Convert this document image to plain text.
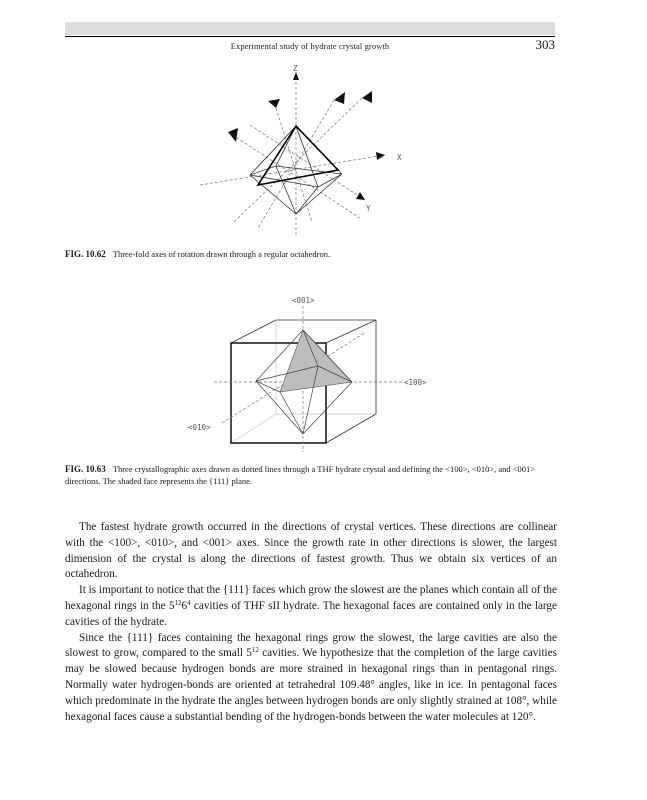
Experimental study of hydrate crystal growth	303
Z
X
Y
FIG. 10.62 Three-fold axes of rotation drawn through a regular octahedron.
<001>
<100>
<010>
FIG. 10.63 Three crystallographic axes drawn as dotted lines through a THF hydrate crystal and defining the <100>, <010>, and <001> directions. The shaded face represents the {111} plane.

The fastest hydrate growth occurred in the directions of crystal vertices. These directions are collinear with the <100>, <010>, and <001> axes. Since the growth rate in other directions is slower, the largest dimension of the crystal is along the directions of fastest growth. Thus we obtain six vertices of an octahedron.

It is important to notice that the {111} faces which grow the slowest are the planes which contain all of the hexagonal rings in the $5^{12}6^4$ cavities of THF sII hydrate. The hexagonal faces are contained only in the large cavities of the hydrate.

Since the {111} faces containing the hexagonal rings grow the slowest, the large cavities are also the slowest to grow, compared to the small $5^{12}$ cavities. We hypothesize that the completion of the large cavities may be slowed because hydrogen bonds are more strained in hexagonal rings than in pentagonal rings. Normally water hydrogen-bonds are oriented at tetrahedral 109.48° angles, like in ice. In pentagonal faces which predominate in the hydrate the angles between hydrogen bonds are only slightly strained at 108°, while hexagonal faces cause a substantial bending of the hydrogen-bonds between the water molecules at 120°.
